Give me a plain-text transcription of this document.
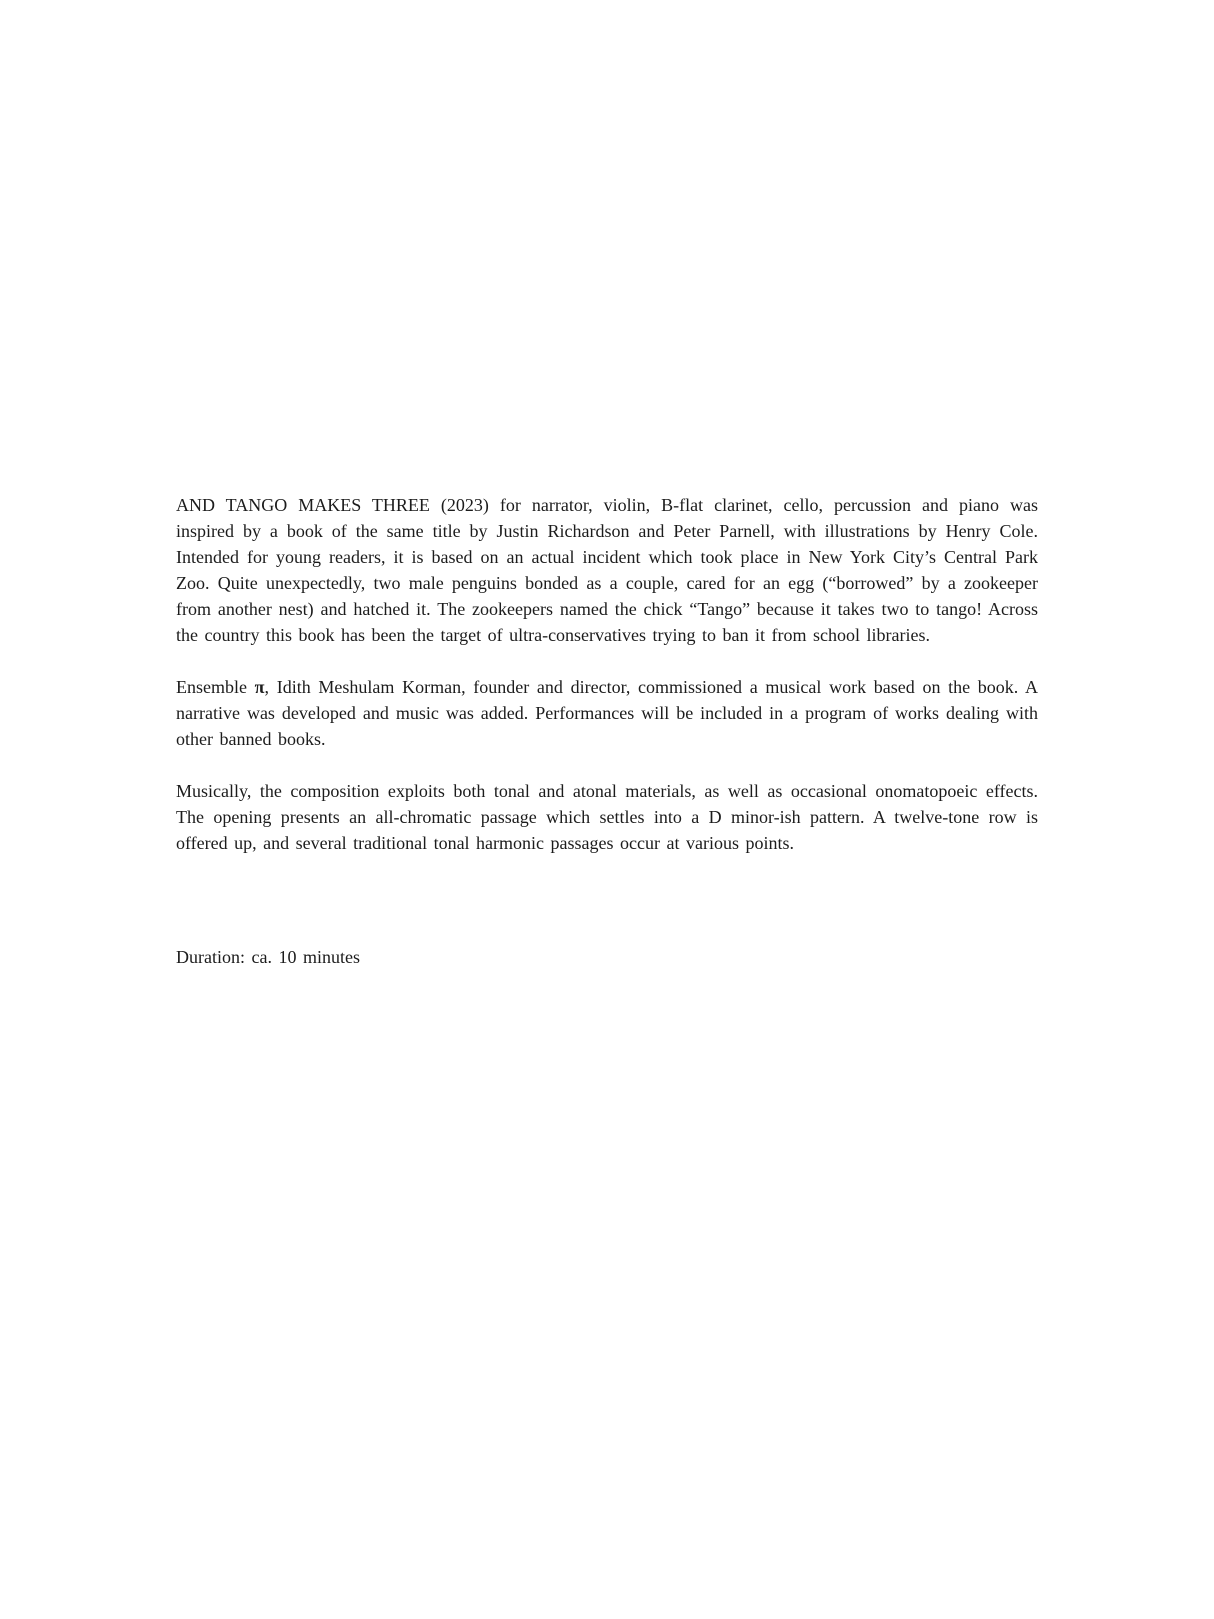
AND TANGO MAKES THREE (2023) for narrator, violin, B-flat clarinet, cello, percussion and piano was inspired by a book of the same title by Justin Richardson and Peter Parnell, with illustrations by Henry Cole. Intended for young readers, it is based on an actual incident which took place in New York City’s Central Park Zoo. Quite unexpectedly, two male penguins bonded as a couple, cared for an egg (“borrowed” by a zookeeper from another nest) and hatched it. The zookeepers named the chick “Tango” because it takes two to tango! Across the country this book has been the target of ultra-conservatives trying to ban it from school libraries.

Ensemble π, Idith Meshulam Korman, founder and director, commissioned a musical work based on the book. A narrative was developed and music was added. Performances will be included in a program of works dealing with other banned books.

Musically, the composition exploits both tonal and atonal materials, as well as occasional onomatopoeic effects. The opening presents an all-chromatic passage which settles into a D minor-ish pattern. A twelve-tone row is offered up, and several traditional tonal harmonic passages occur at various points.

Duration: ca. 10 minutes
